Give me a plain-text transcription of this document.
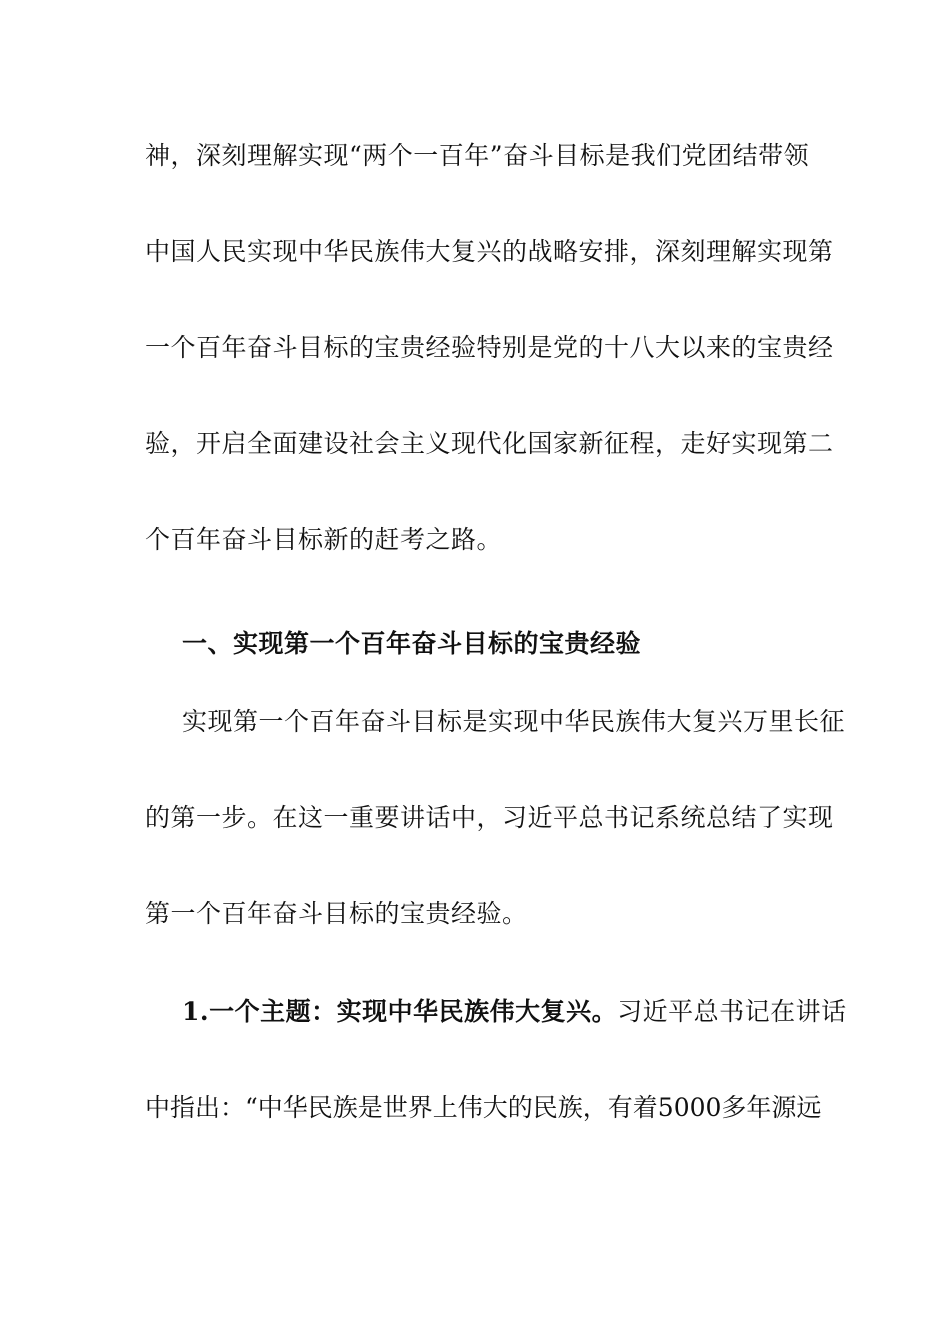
神，深刻理解实现“两个一百年”奋斗目标是我们党团结带领
中国人民实现中华民族伟大复兴的战略安排，深刻理解实现第
一个百年奋斗目标的宝贵经验特别是党的十八大以来的宝贵经
验，开启全面建设社会主义现代化国家新征程，走好实现第二
个百年奋斗目标新的赶考之路。
一、实现第一个百年奋斗目标的宝贵经验
实现第一个百年奋斗目标是实现中华民族伟大复兴万里长征
的第一步。在这一重要讲话中，习近平总书记系统总结了实现
第一个百年奋斗目标的宝贵经验。
1.一个主题：实现中华民族伟大复兴。习近平总书记在讲话
中指出：“中华民族是世界上伟大的民族，有着5000多年源远
